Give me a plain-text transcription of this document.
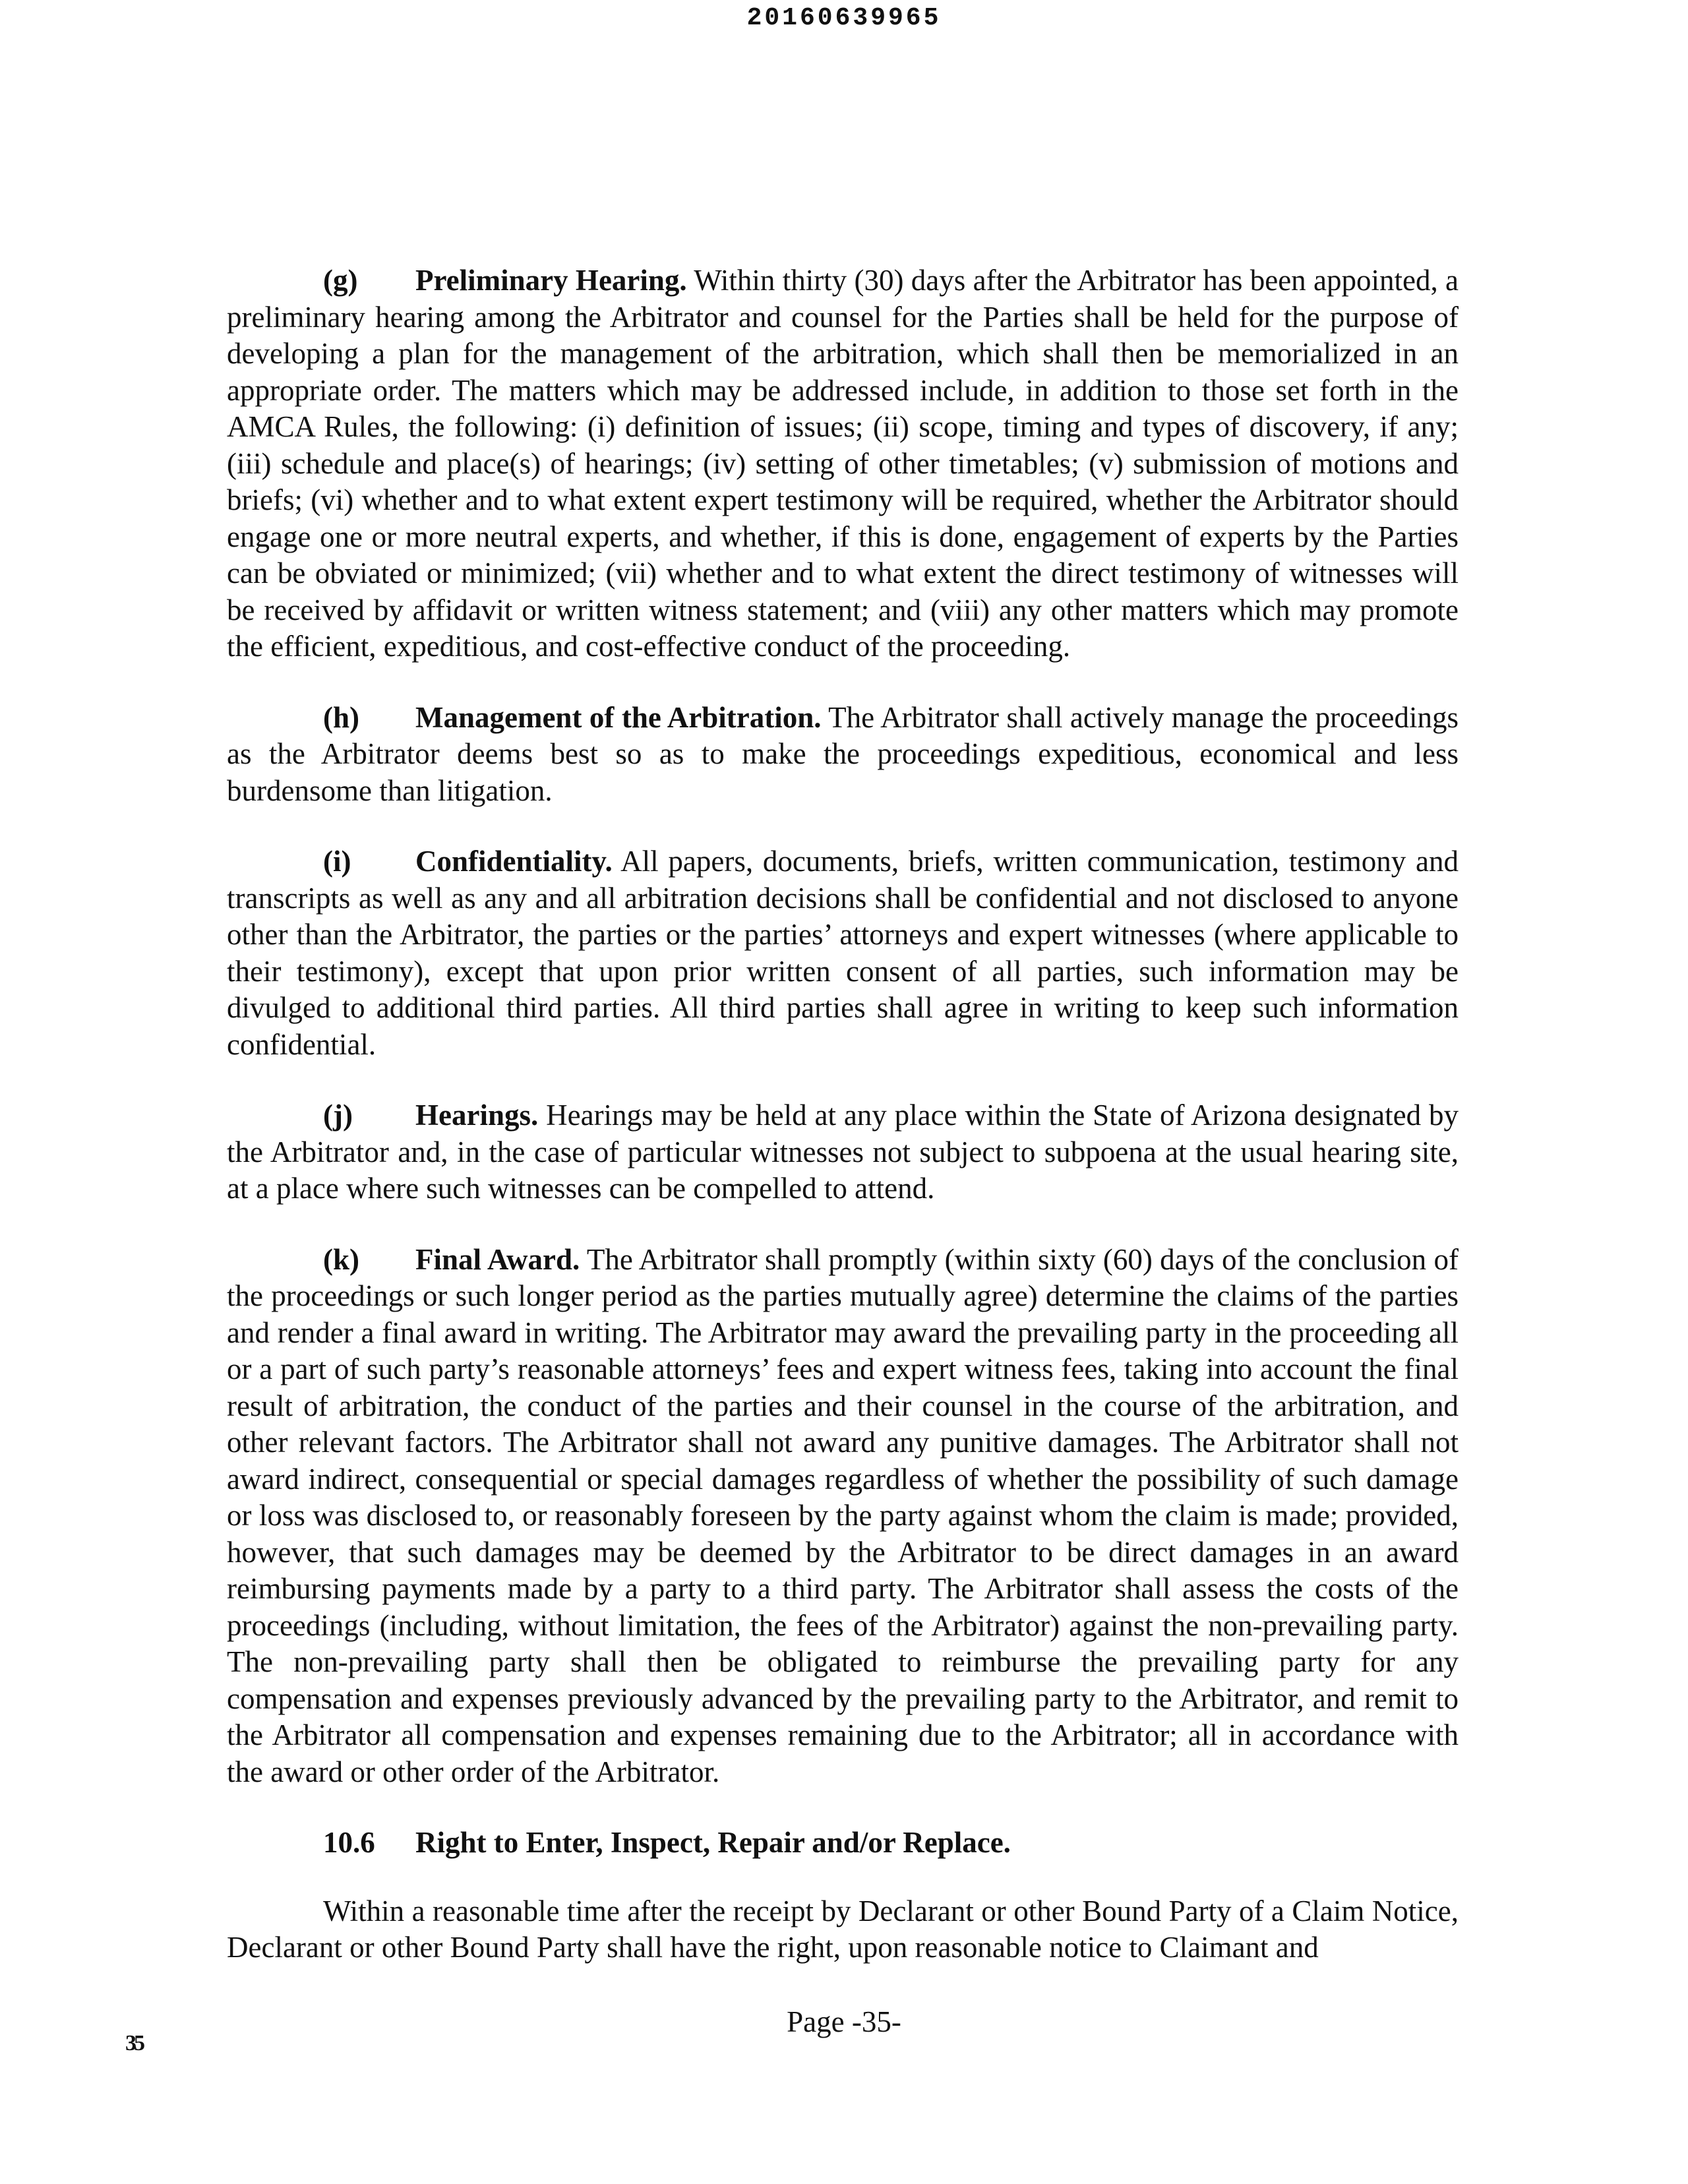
20160639965

(g) Preliminary Hearing. Within thirty (30) days after the Arbitrator has been appointed, a preliminary hearing among the Arbitrator and counsel for the Parties shall be held for the purpose of developing a plan for the management of the arbitration, which shall then be memorialized in an appropriate order. The matters which may be addressed include, in addition to those set forth in the AMCA Rules, the following: (i) definition of issues; (ii) scope, timing and types of discovery, if any; (iii) schedule and place(s) of hearings; (iv) setting of other timetables; (v) submission of motions and briefs; (vi) whether and to what extent expert testimony will be required, whether the Arbitrator should engage one or more neutral experts, and whether, if this is done, engagement of experts by the Parties can be obviated or minimized; (vii) whether and to what extent the direct testimony of witnesses will be received by affidavit or written witness statement; and (viii) any other matters which may promote the efficient, expeditious, and cost-effective conduct of the proceeding.

(h) Management of the Arbitration. The Arbitrator shall actively manage the proceedings as the Arbitrator deems best so as to make the proceedings expeditious, economical and less burdensome than litigation.

(i) Confidentiality. All papers, documents, briefs, written communication, testimony and transcripts as well as any and all arbitration decisions shall be confidential and not disclosed to anyone other than the Arbitrator, the parties or the parties’ attorneys and expert witnesses (where applicable to their testimony), except that upon prior written consent of all parties, such information may be divulged to additional third parties. All third parties shall agree in writing to keep such information confidential.

(j) Hearings. Hearings may be held at any place within the State of Arizona designated by the Arbitrator and, in the case of particular witnesses not subject to subpoena at the usual hearing site, at a place where such witnesses can be compelled to attend.

(k) Final Award. The Arbitrator shall promptly (within sixty (60) days of the conclusion of the proceedings or such longer period as the parties mutually agree) determine the claims of the parties and render a final award in writing. The Arbitrator may award the prevailing party in the proceeding all or a part of such party’s reasonable attorneys’ fees and expert witness fees, taking into account the final result of arbitration, the conduct of the parties and their counsel in the course of the arbitration, and other relevant factors. The Arbitrator shall not award any punitive damages. The Arbitrator shall not award indirect, consequential or special damages regardless of whether the possibility of such damage or loss was disclosed to, or reasonably foreseen by the party against whom the claim is made; provided, however, that such damages may be deemed by the Arbitrator to be direct damages in an award reimbursing payments made by a party to a third party. The Arbitrator shall assess the costs of the proceedings (including, without limitation, the fees of the Arbitrator) against the non-prevailing party. The non-prevailing party shall then be obligated to reimburse the prevailing party for any compensation and expenses previously advanced by the prevailing party to the Arbitrator, and remit to the Arbitrator all compensation and expenses remaining due to the Arbitrator; all in accordance with the award or other order of the Arbitrator.

10.6 Right to Enter, Inspect, Repair and/or Replace.

Within a reasonable time after the receipt by Declarant or other Bound Party of a Claim Notice, Declarant or other Bound Party shall have the right, upon reasonable notice to Claimant and

Page -35-
35
